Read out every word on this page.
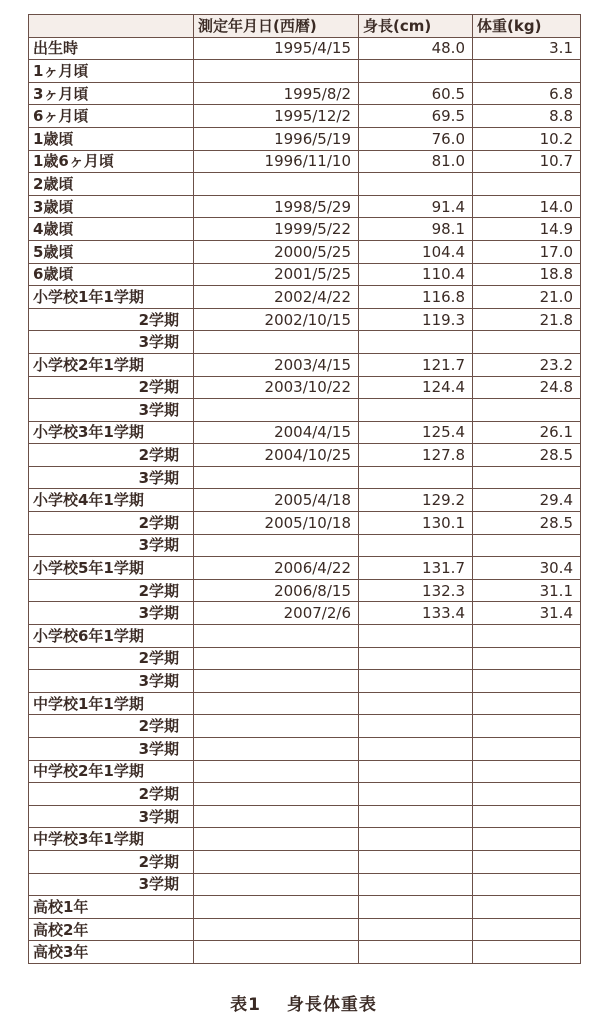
	測定年月日(西暦)	身長(cm)	体重(kg)
出生時	1995/4/15	48.0	3.1
1ヶ月頃			
3ヶ月頃	1995/8/2	60.5	6.8
6ヶ月頃	1995/12/2	69.5	8.8
1歳頃	1996/5/19	76.0	10.2
1歳6ヶ月頃	1996/11/10	81.0	10.7
2歳頃			
3歳頃	1998/5/29	91.4	14.0
4歳頃	1999/5/22	98.1	14.9
5歳頃	2000/5/25	104.4	17.0
6歳頃	2001/5/25	110.4	18.8
小学校1年1学期	2002/4/22	116.8	21.0
2学期	2002/10/15	119.3	21.8
3学期			
小学校2年1学期	2003/4/15	121.7	23.2
2学期	2003/10/22	124.4	24.8
3学期			
小学校3年1学期	2004/4/15	125.4	26.1
2学期	2004/10/25	127.8	28.5
3学期			
小学校4年1学期	2005/4/18	129.2	29.4
2学期	2005/10/18	130.1	28.5
3学期			
小学校5年1学期	2006/4/22	131.7	30.4
2学期	2006/8/15	132.3	31.1
3学期	2007/2/6	133.4	31.4
小学校6年1学期			
2学期			
3学期			
中学校1年1学期			
2学期			
3学期			
中学校2年1学期			
2学期			
3学期			
中学校3年1学期			
2学期			
3学期			
高校1年			
高校2年			
高校3年			
表1 身長体重表
